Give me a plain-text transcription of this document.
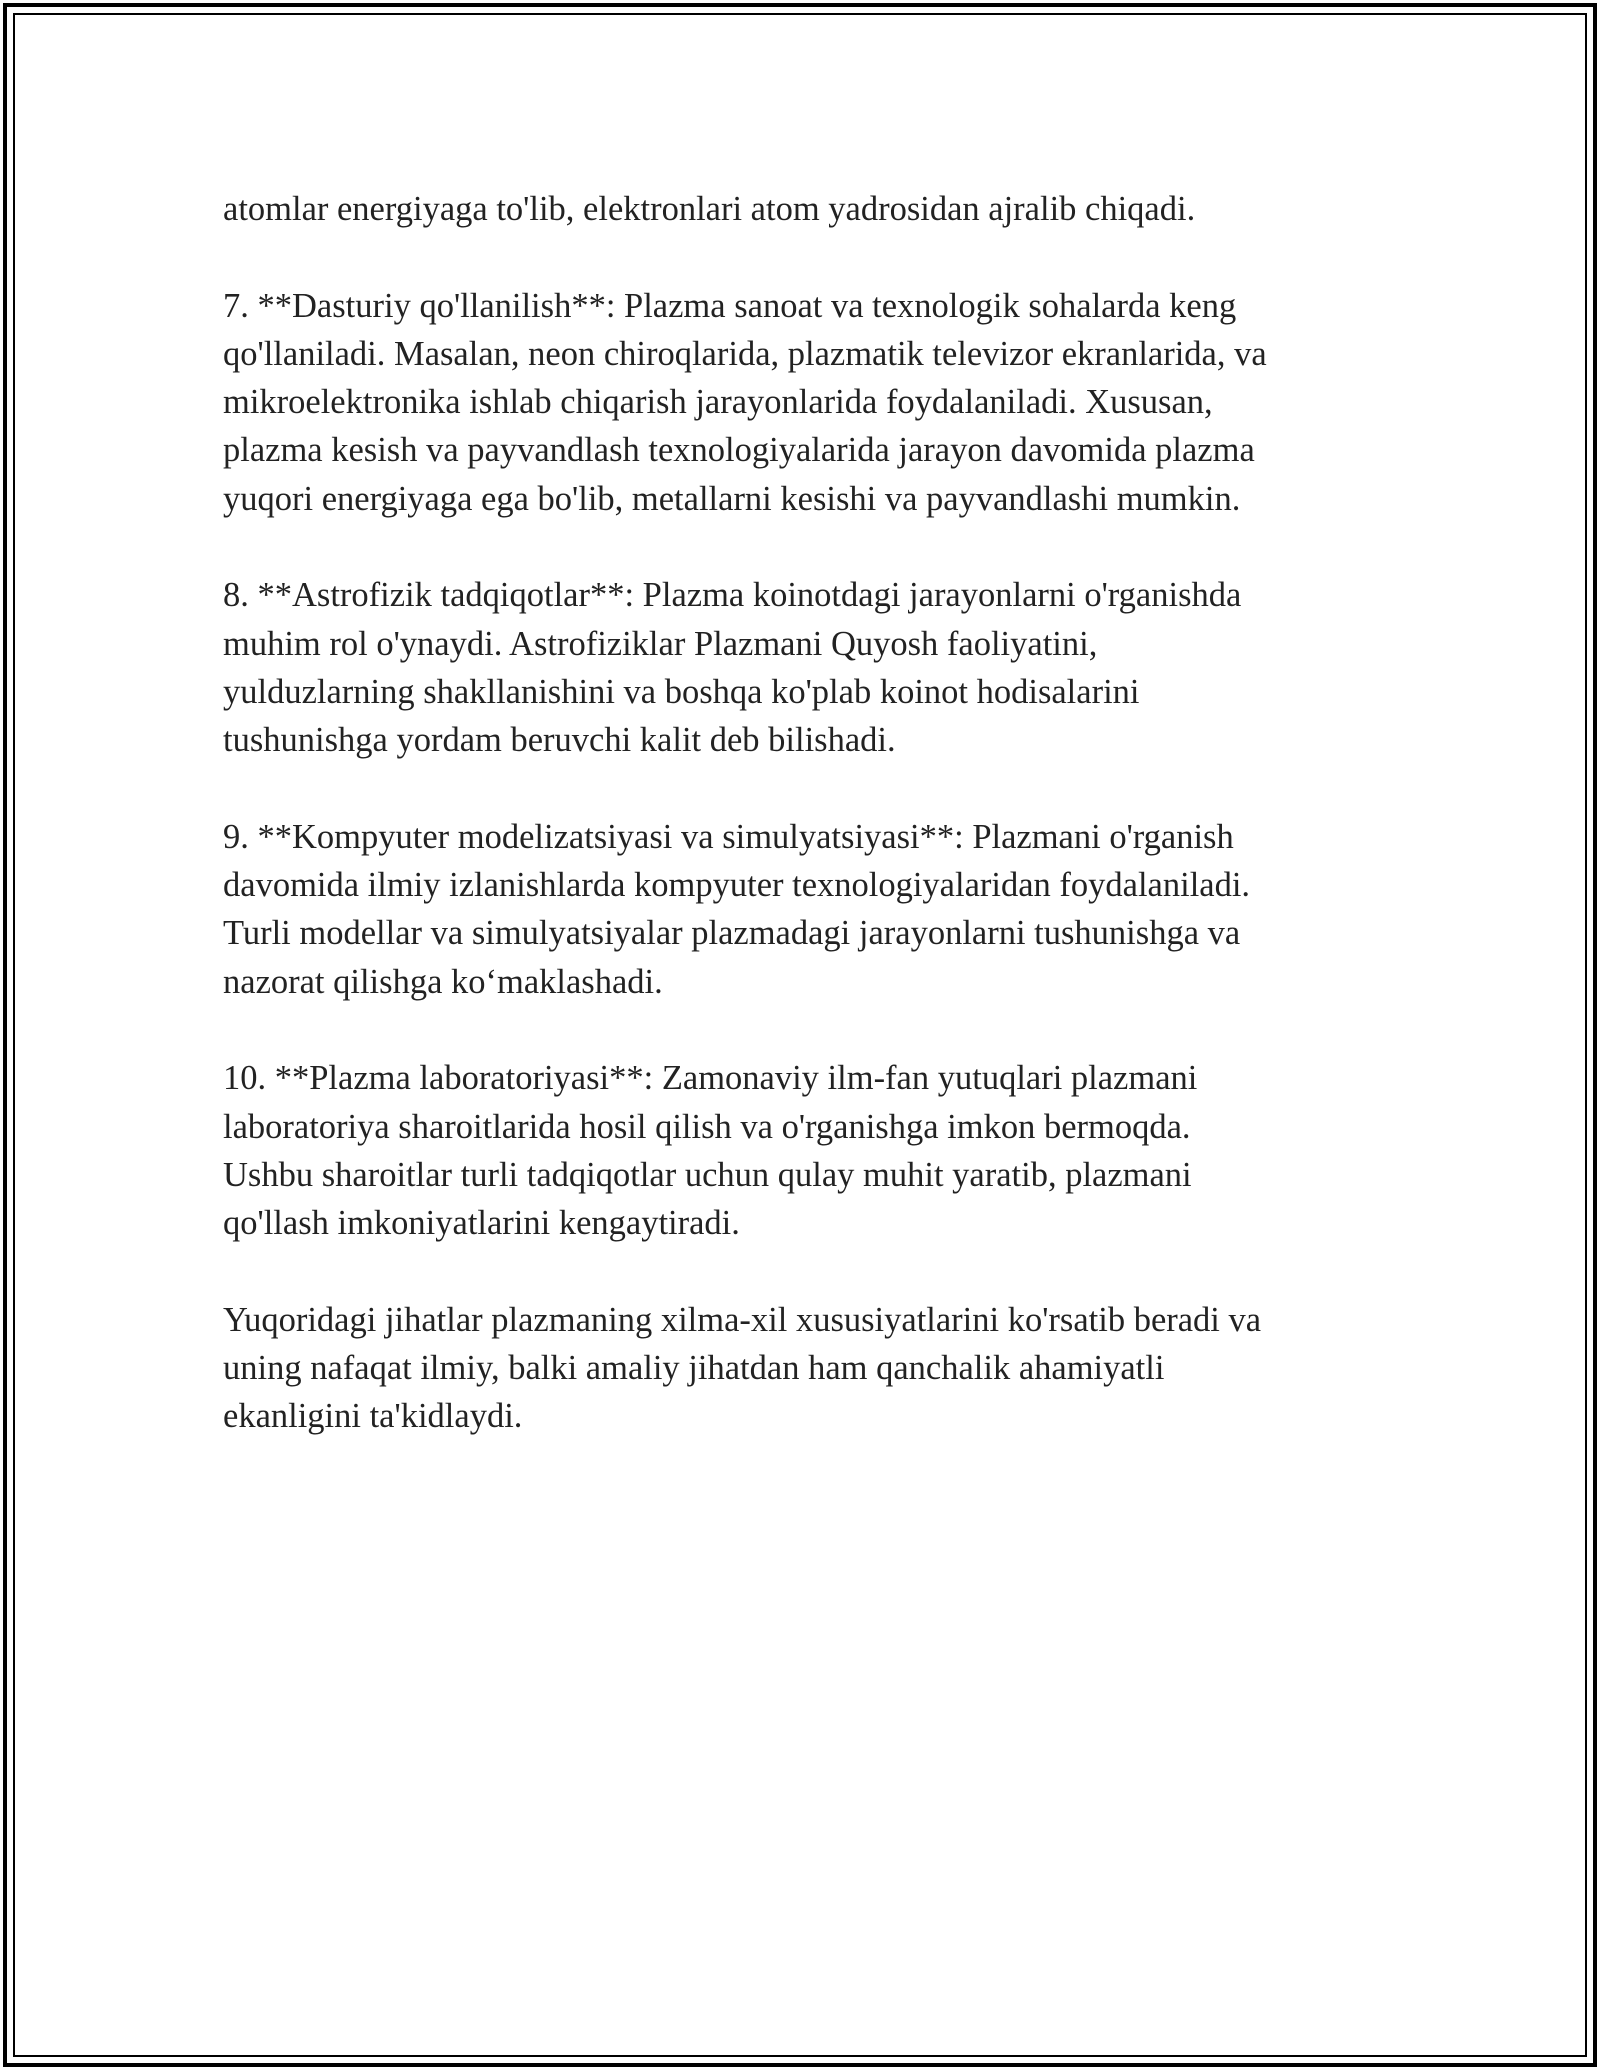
atomlar energiyaga to'lib, elektronlari atom yadrosidan ajralib chiqadi.

7. **Dasturiy qo'llanilish**: Plazma sanoat va texnologik sohalarda keng
qo'llaniladi. Masalan, neon chiroqlarida, plazmatik televizor ekranlarida, va
mikroelektronika ishlab chiqarish jarayonlarida foydalaniladi. Xususan,
plazma kesish va payvandlash texnologiyalarida jarayon davomida plazma
yuqori energiyaga ega bo'lib, metallarni kesishi va payvandlashi mumkin.

8. **Astrofizik tadqiqotlar**: Plazma koinotdagi jarayonlarni o'rganishda
muhim rol o'ynaydi. Astrofiziklar Plazmani Quyosh faoliyatini,
yulduzlarning shakllanishini va boshqa ko'plab koinot hodisalarini
tushunishga yordam beruvchi kalit deb bilishadi.

9. **Kompyuter modelizatsiyasi va simulyatsiyasi**: Plazmani o'rganish
davomida ilmiy izlanishlarda kompyuter texnologiyalaridan foydalaniladi.
Turli modellar va simulyatsiyalar plazmadagi jarayonlarni tushunishga va
nazorat qilishga koʻmaklashadi.

10. **Plazma laboratoriyasi**: Zamonaviy ilm-fan yutuqlari plazmani
laboratoriya sharoitlarida hosil qilish va o'rganishga imkon bermoqda.
Ushbu sharoitlar turli tadqiqotlar uchun qulay muhit yaratib, plazmani
qo'llash imkoniyatlarini kengaytiradi.

Yuqoridagi jihatlar plazmaning xilma-xil xususiyatlarini ko'rsatib beradi va
uning nafaqat ilmiy, balki amaliy jihatdan ham qanchalik ahamiyatli
ekanligini ta'kidlaydi.
